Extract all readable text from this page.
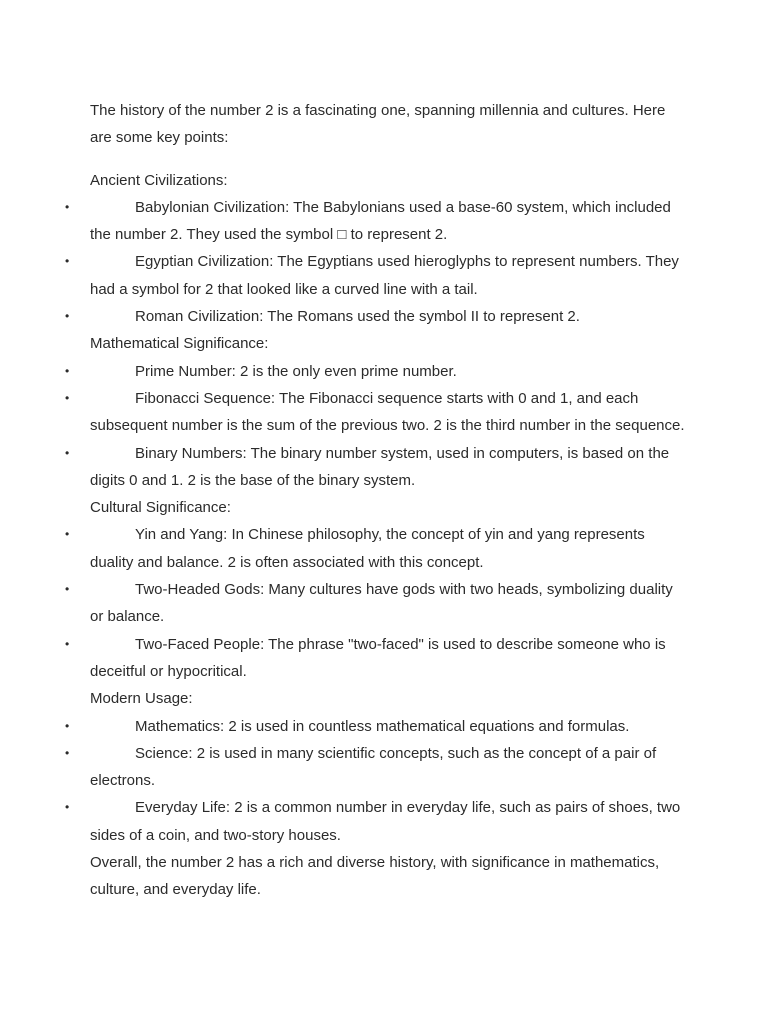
The history of the number 2 is a fascinating one, spanning millennia and cultures. Here are some key points:

Ancient Civilizations:

•	Babylonian Civilization: The Babylonians used a base-60 system, which included the number 2. They used the symbol □ to represent 2.
•	Egyptian Civilization: The Egyptians used hieroglyphs to represent numbers. They had a symbol for 2 that looked like a curved line with a tail.
•	Roman Civilization: The Romans used the symbol II to represent 2.

Mathematical Significance:

•	Prime Number: 2 is the only even prime number.
•	Fibonacci Sequence: The Fibonacci sequence starts with 0 and 1, and each subsequent number is the sum of the previous two. 2 is the third number in the sequence.
•	Binary Numbers: The binary number system, used in computers, is based on the digits 0 and 1. 2 is the base of the binary system.

Cultural Significance:

•	Yin and Yang: In Chinese philosophy, the concept of yin and yang represents duality and balance. 2 is often associated with this concept.
•	Two-Headed Gods: Many cultures have gods with two heads, symbolizing duality or balance.
•	Two-Faced People: The phrase "two-faced" is used to describe someone who is deceitful or hypocritical.

Modern Usage:

•	Mathematics: 2 is used in countless mathematical equations and formulas.
•	Science: 2 is used in many scientific concepts, such as the concept of a pair of electrons.
•	Everyday Life: 2 is a common number in everyday life, such as pairs of shoes, two sides of a coin, and two-story houses.

Overall, the number 2 has a rich and diverse history, with significance in mathematics, culture, and everyday life.
